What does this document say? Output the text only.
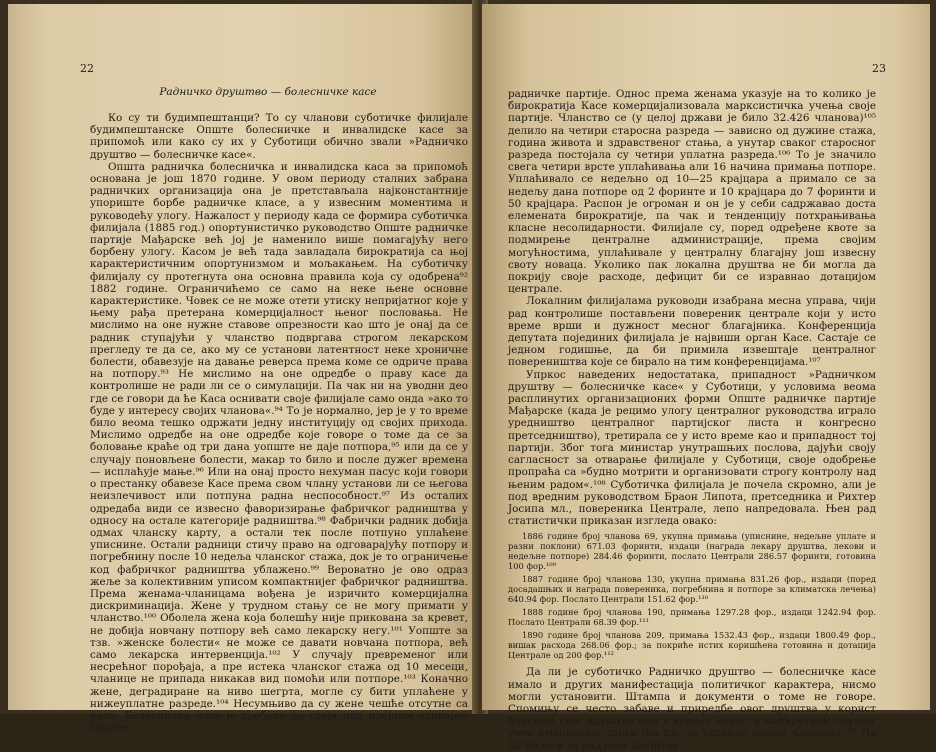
22
Радничко друштво — болесничке касе

Ко су ти будимпештанци? То су чланови суботичке филијале будимпештанске Опште болесничке и инвалидске касе за припомоћ или како су их у Суботици обично звали »Радничко друштво — болесничке касе«.

Општа радничка болесничка и инвалидска каса за припомоћ основана је још 1870 године. У овом периоду сталних забрана радничких организација она је претстављала најконстантније упориште борбе радничке класе, а у извесним моментима и руководећу улогу. Нажалост у периоду када се формира суботичка филијала (1885 год.) опортунистичко руководство Опште радничке партије Мађарске већ јој је наменило више помагајућу него борбену улогу. Касом је већ тада завладала бирократија са њој карактеристичним опортунизмом и мољакањем. На суботичку филијалу су протегнута она основна правила која су одобрена⁹² 1882 године. Ограничићемо се само на неке њене основне карактеристике. Човек се не може отети утиску непријатног које у њему рађа претерана комерцијалност њеног пословања. Не мислимо на оне нужне ставове опрезности као што је онај да се радник ступајући у чланство подвргава строгом лекарском прегледу те да се, ако му се установи латентност неке хроничне болести, обавезује на давање реверса према коме се одриче права на потпору.⁹³ Не мислимо на оне одредбе о праву касе да контролише не ради ли се о симулацији. Па чак ни на уводни део где се говори да ће Каса оснивати своје филијале само онда »ако то буде у интересу својих чланова«.⁹⁴ То је нормално, јер је у то време било веома тешко одржати једну институцију од својих прихода. Мислимо одредбе на оне одредбе које говоре о томе да се за боловање краће од три дана уопште не даје потпора,⁹⁵ или да се у случају поновљене болести, макар то било и после дужег времена — исплаћује мање.⁹⁶ Или на онај просто нехуман пасус који говори о престанку обавезе Касе према свом члану установи ли се његова неизлечивост или потпуна радна неспособност.⁹⁷ Из осталих одредаба види се извесно фаворизирање фабричког радништва у односу на остале категорије радништва.⁹⁸ Фабрички радник добија одмах чланску карту, а остали тек после потпуно уплаћене уписнине. Остали радници стичу право на одговарајућу потпору и погребнину после 10 недеља чланског стажа, док је то ограничење код фабричког радништва ублажено.⁹⁹ Вероватно је ово одраз жеље за колективним уписом компактнијег фабричког радништва. Према женама-чланицама вођена је изричито комерцијална дискриминација. Жене у трудном стању се не могу примати у чланство.¹⁰⁰ Оболела жена која болешћу није прикована за кревет, не добија новчану потпору већ само лекарску негу.¹⁰¹ Уопште за тзв. »женске болести« не може се давати новчана потпора, већ само лекарска интервенција.¹⁰² У случају превременог или несрећног порођаја, а пре истека чланског стажа од 10 месеци, чланице не припада никакав вид помоћи или потпоре.¹⁰³ Коначно жене, деградиране на ниво шегрта, могле су бити уплаћене у нижеуплатне разреде.¹⁰⁴ Несумњиво да су жене чешће отсутне са рада. Болесничка каса је требало да стоји под идејним утицајем Опште-

23

радничке партије. Однос према женама указује на то колико је бирократија Касе комерцијализовала марксистичка учења своје партије. Чланство се (у целој држави је било 32.426 чланова)¹⁰⁵ делило на четири стаpоснa разреда — зависно од дужине стажа, година живота и здравственог стања, а унутар сваког старосног разреда постојала су четири уплатна разреда.¹⁰⁶ То је значило свега четири врсте уплаћивања али 16 начина примања потпоре. Уплаћивало се недељно од 10—25 крајцара а примало се за недељу дана потпоре од 2 форинте и 10 крајцара до 7 форинти и 50 крајцара. Распон је огроман и он је у себи садржавао доста елемената бирократије, па чак и тенденцију потхрањивања класне несолидарности. Филијале су, поред одређене квоте за подмирење централне администрације, према својим могућностима, уплаћивале у централну благајну још извесну свотy новаца. Уколико пак локална друштва не би могла да покрију своје расходе, дефицит би се изравнао дотацијом централе.

Локалним филијалама руководи изабрана месна управа, чији рад контролише постављени повереник централе који у исто време врши и дужност месног благајника. Конференција депутата појединих филијала је највиши орган Касе. Састаје се једном годишње, да би примила извештаје централног повереништва које се бирало на тим конференцијама.¹⁰⁷

Упркос наведених недостатака, припадност »Радничком друштву — болесничке касе« у Суботици, у условима веома расплинутих организационих форми Опште радничке партије Мађарске (када је рецимо улогу централног руководства играло уредништво централног партијског листа и конгресно претседништво), третирала се у исто време као и припадност тој партији. Због тога министар унутрашњих послова, дајући своју сагласност за отварање филијале у Суботици, своје одобрење пропраћа са »будно мотрити и организовати строгу контролу над њеним радом«.¹⁰⁸ Суботичка филијала је почела скромно, али је под вредним руководством Браон Липота, претседника и Рихтер Јосипа мл., повереника Централе, лепо напредовала. Њен рад статистички приказан изгледа овако:

1886 године број чланова 69, укупна примања (уписнине, недељне уплате и разни поклони) 671.03 форинти, издаци (награда лекару друштва, лекови и недељне потпоре) 284.46 форинти, послато Централи 286.57 форинти, готовина 100 фор.¹⁰⁹

1887 године број чланова 130, укупна примања 831.26 фор., издаци (поред досадашњих и награда повереника, погребнина и потпоре за климатска лечења) 640.94 фор. Послато Централи 151.62 фор.¹¹⁰

1888 године број чланова 190, примања 1297.28 фор., издаци 1242.94 фор. Послато Централи 68.39 фор.¹¹¹

1890 године број чланова 209, примања 1532.43 фор., издаци 1800.49 фор., вишак расхода 268.06 фор.; за покриће истих коришћена готовина и дотација Централе од 200 фор.¹¹²

Да ли је суботичко Радничко друштво — болесничке касе имало и других манифестација политичког карактера, нисмо могли установити. Штампа и документи о томе не говоре. Спомињу се често забаве и приредбе овог друштва у корист благајне свог друштва или у корист неког, у конкретном случају увек именованог циља (на пр. за удовице својих чланова).¹¹³ Да ли би се и за рад овог друштва
